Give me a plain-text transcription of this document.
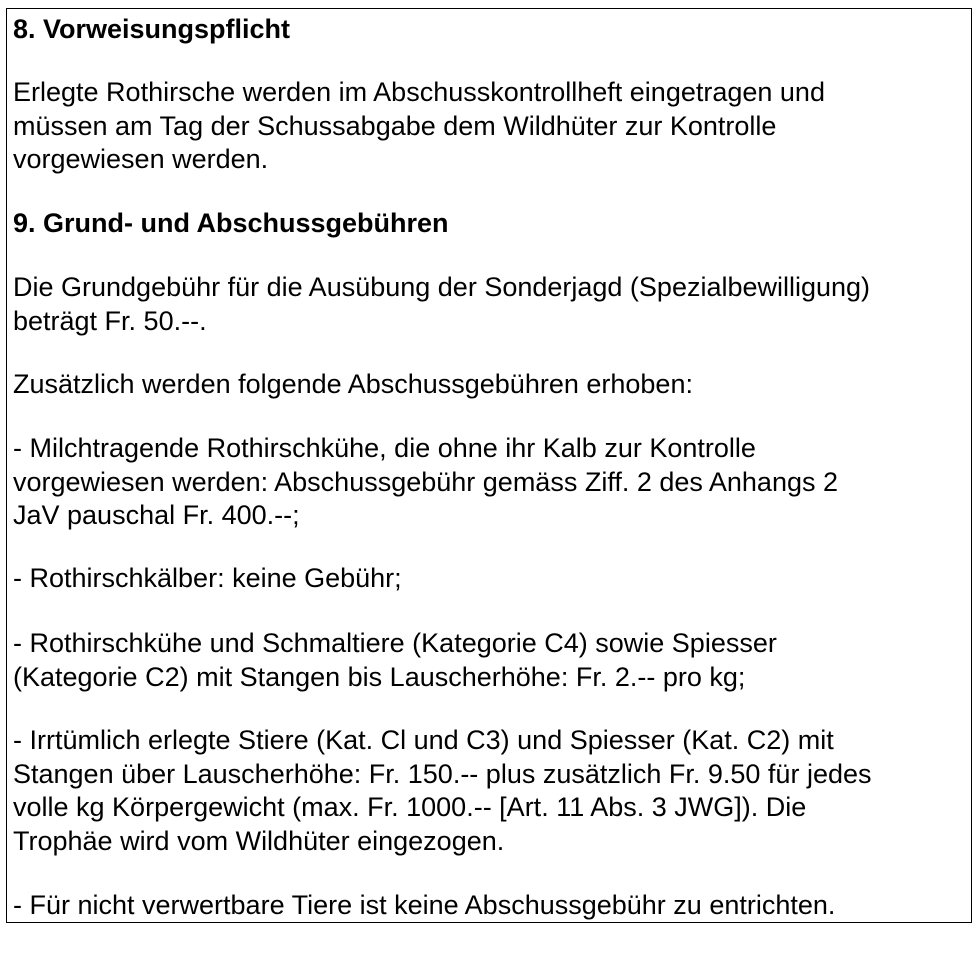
8. Vorweisungspflicht
Erlegte Rothirsche werden im Abschusskontrollheft eingetragen und
müssen am Tag der Schussabgabe dem Wildhüter zur Kontrolle
vorgewiesen werden.
9. Grund- und Abschussgebühren
Die Grundgebühr für die Ausübung der Sonderjagd (Spezialbewilligung)
beträgt Fr. 50.--.
Zusätzlich werden folgende Abschussgebühren erhoben:
- Milchtragende Rothirschkühe, die ohne ihr Kalb zur Kontrolle
vorgewiesen werden: Abschussgebühr gemäss Ziff. 2 des Anhangs 2
JaV pauschal Fr. 400.--;
- Rothirschkälber: keine Gebühr;
- Rothirschkühe und Schmaltiere (Kategorie C4) sowie Spiesser
(Kategorie C2) mit Stangen bis Lauscherhöhe: Fr. 2.-- pro kg;
- Irrtümlich erlegte Stiere (Kat. Cl und C3) und Spiesser (Kat. C2) mit
Stangen über Lauscherhöhe: Fr. 150.-- plus zusätzlich Fr. 9.50 für jedes
volle kg Körpergewicht (max. Fr. 1000.-- [Art. 11 Abs. 3 JWG]). Die
Trophäe wird vom Wildhüter eingezogen.
- Für nicht verwertbare Tiere ist keine Abschussgebühr zu entrichten.
